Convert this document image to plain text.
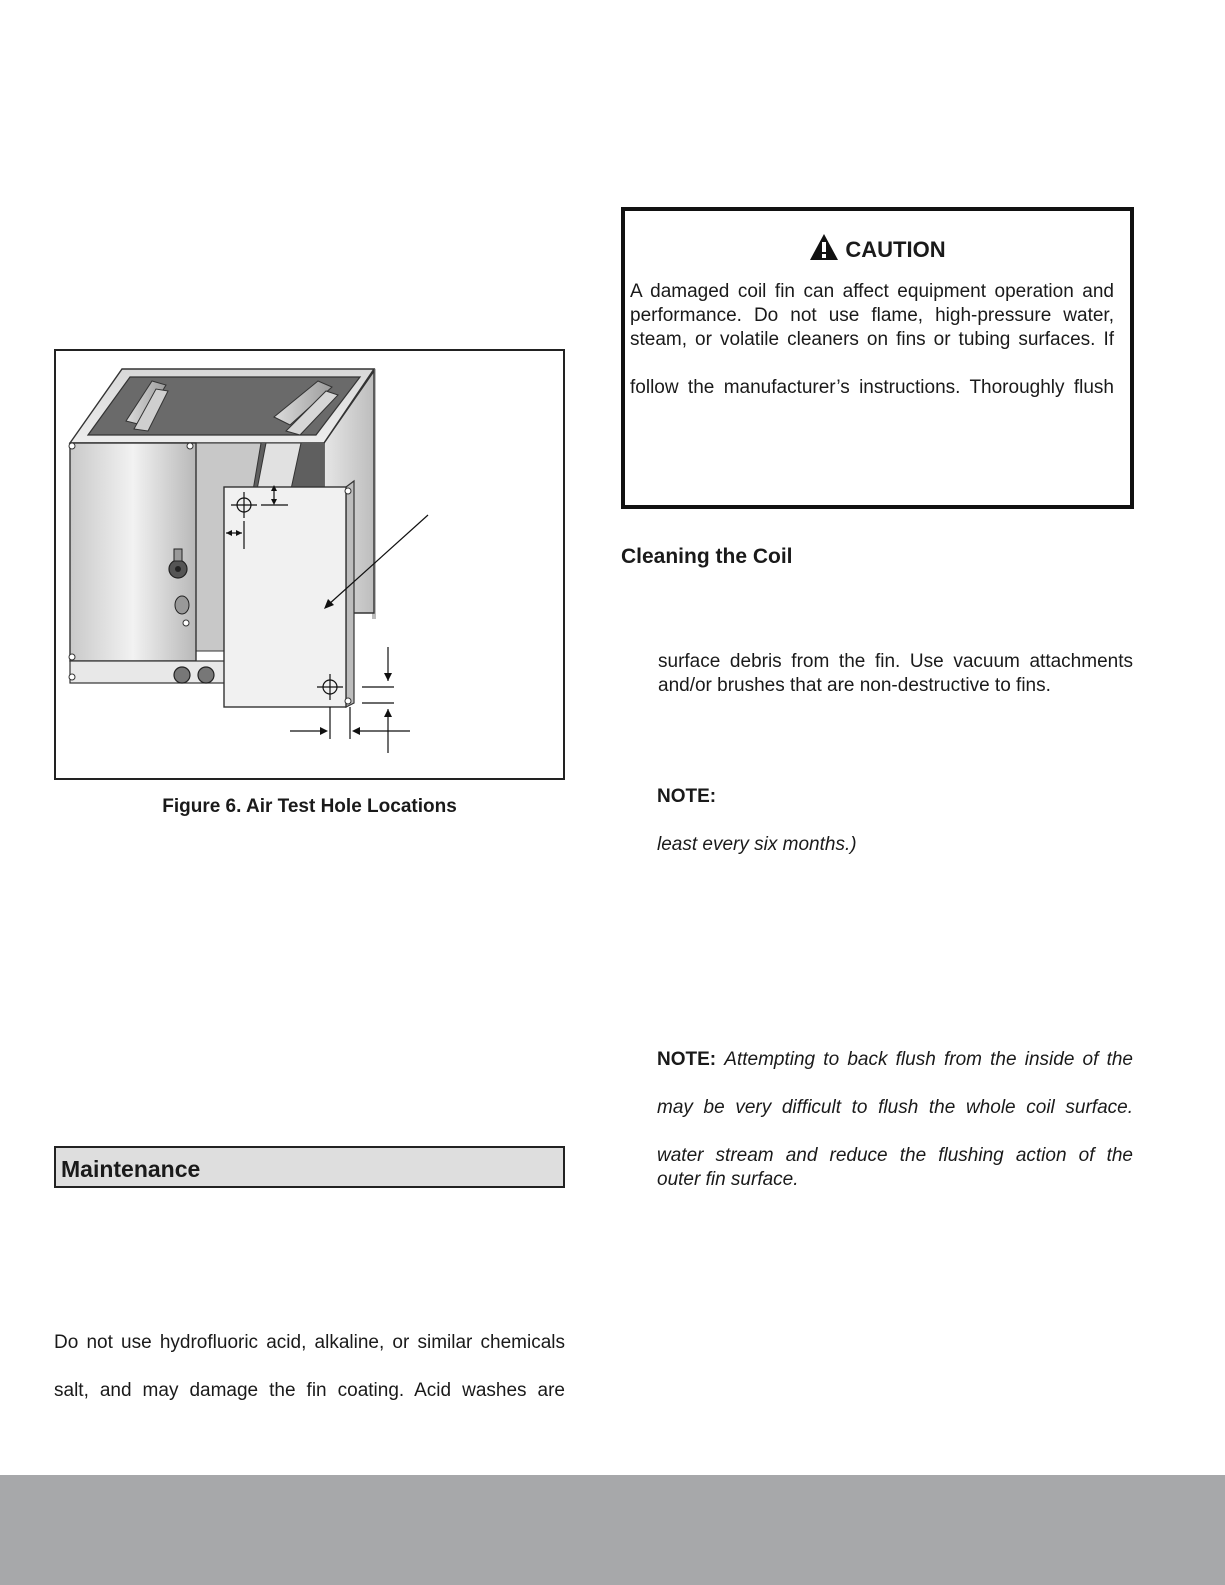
Figure 6. Air Test Hole Locations
CAUTION

A damaged coil fin can affect equipment operation and

performance. Do not use flame, high-pressure water,

steam, or volatile cleaners on fins or tubing surfaces. If

follow the manufacturer’s instructions. Thoroughly flush

Cleaning the Coil

surface debris from the fin. Use vacuum attachments

and/or brushes that are non-destructive to fins.

NOTE:

least every six months.)

NOTE: Attempting to back flush from the inside of the

may be very difficult to flush the whole coil surface.

water stream and reduce the flushing action of the

outer fin surface.

Maintenance

Do not use hydrofluoric acid, alkaline, or similar chemicals

salt, and may damage the fin coating. Acid washes are
